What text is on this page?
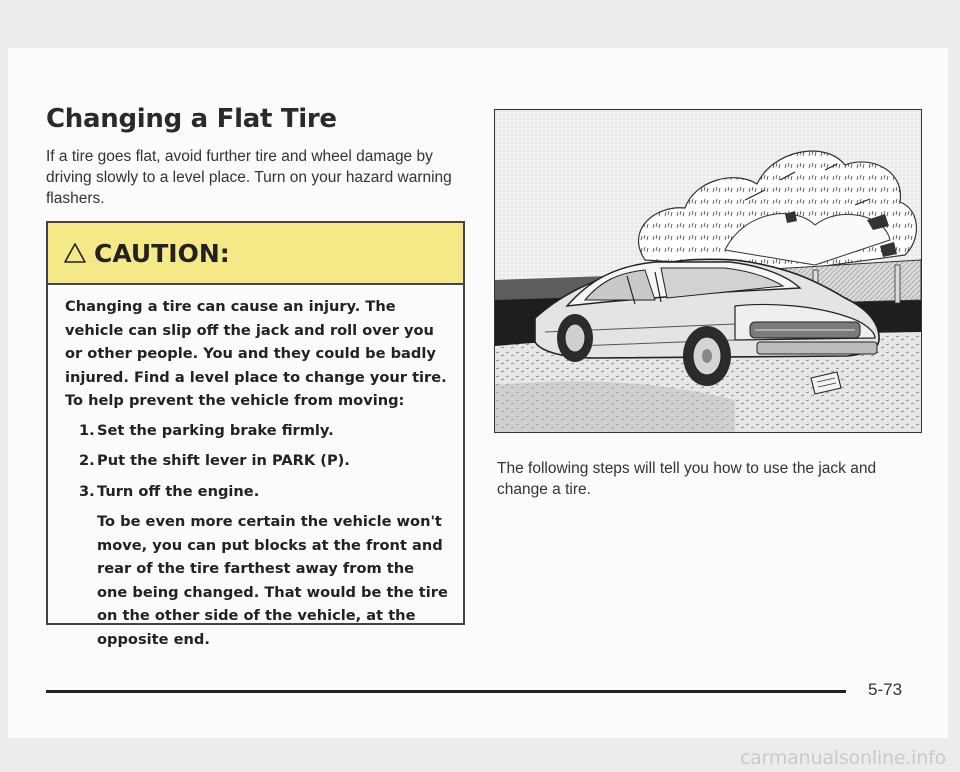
Changing a Flat Tire

If a tire goes flat, avoid further tire and wheel damage by driving slowly to a level place. Turn on your hazard warning flashers.

CAUTION:

Changing a tire can cause an injury. The vehicle can slip off the jack and roll over you or other people. You and they could be badly injured. Find a level place to change your tire. To help prevent the vehicle from moving:

1. Set the parking brake firmly.
2. Put the shift lever in PARK (P).
3. Turn off the engine.

To be even more certain the vehicle won't move, you can put blocks at the front and rear of the tire farthest away from the one being changed. That would be the tire on the other side of the vehicle, at the opposite end.

The following steps will tell you how to use the jack and change a tire.

5-73
carmanualsonline.info
